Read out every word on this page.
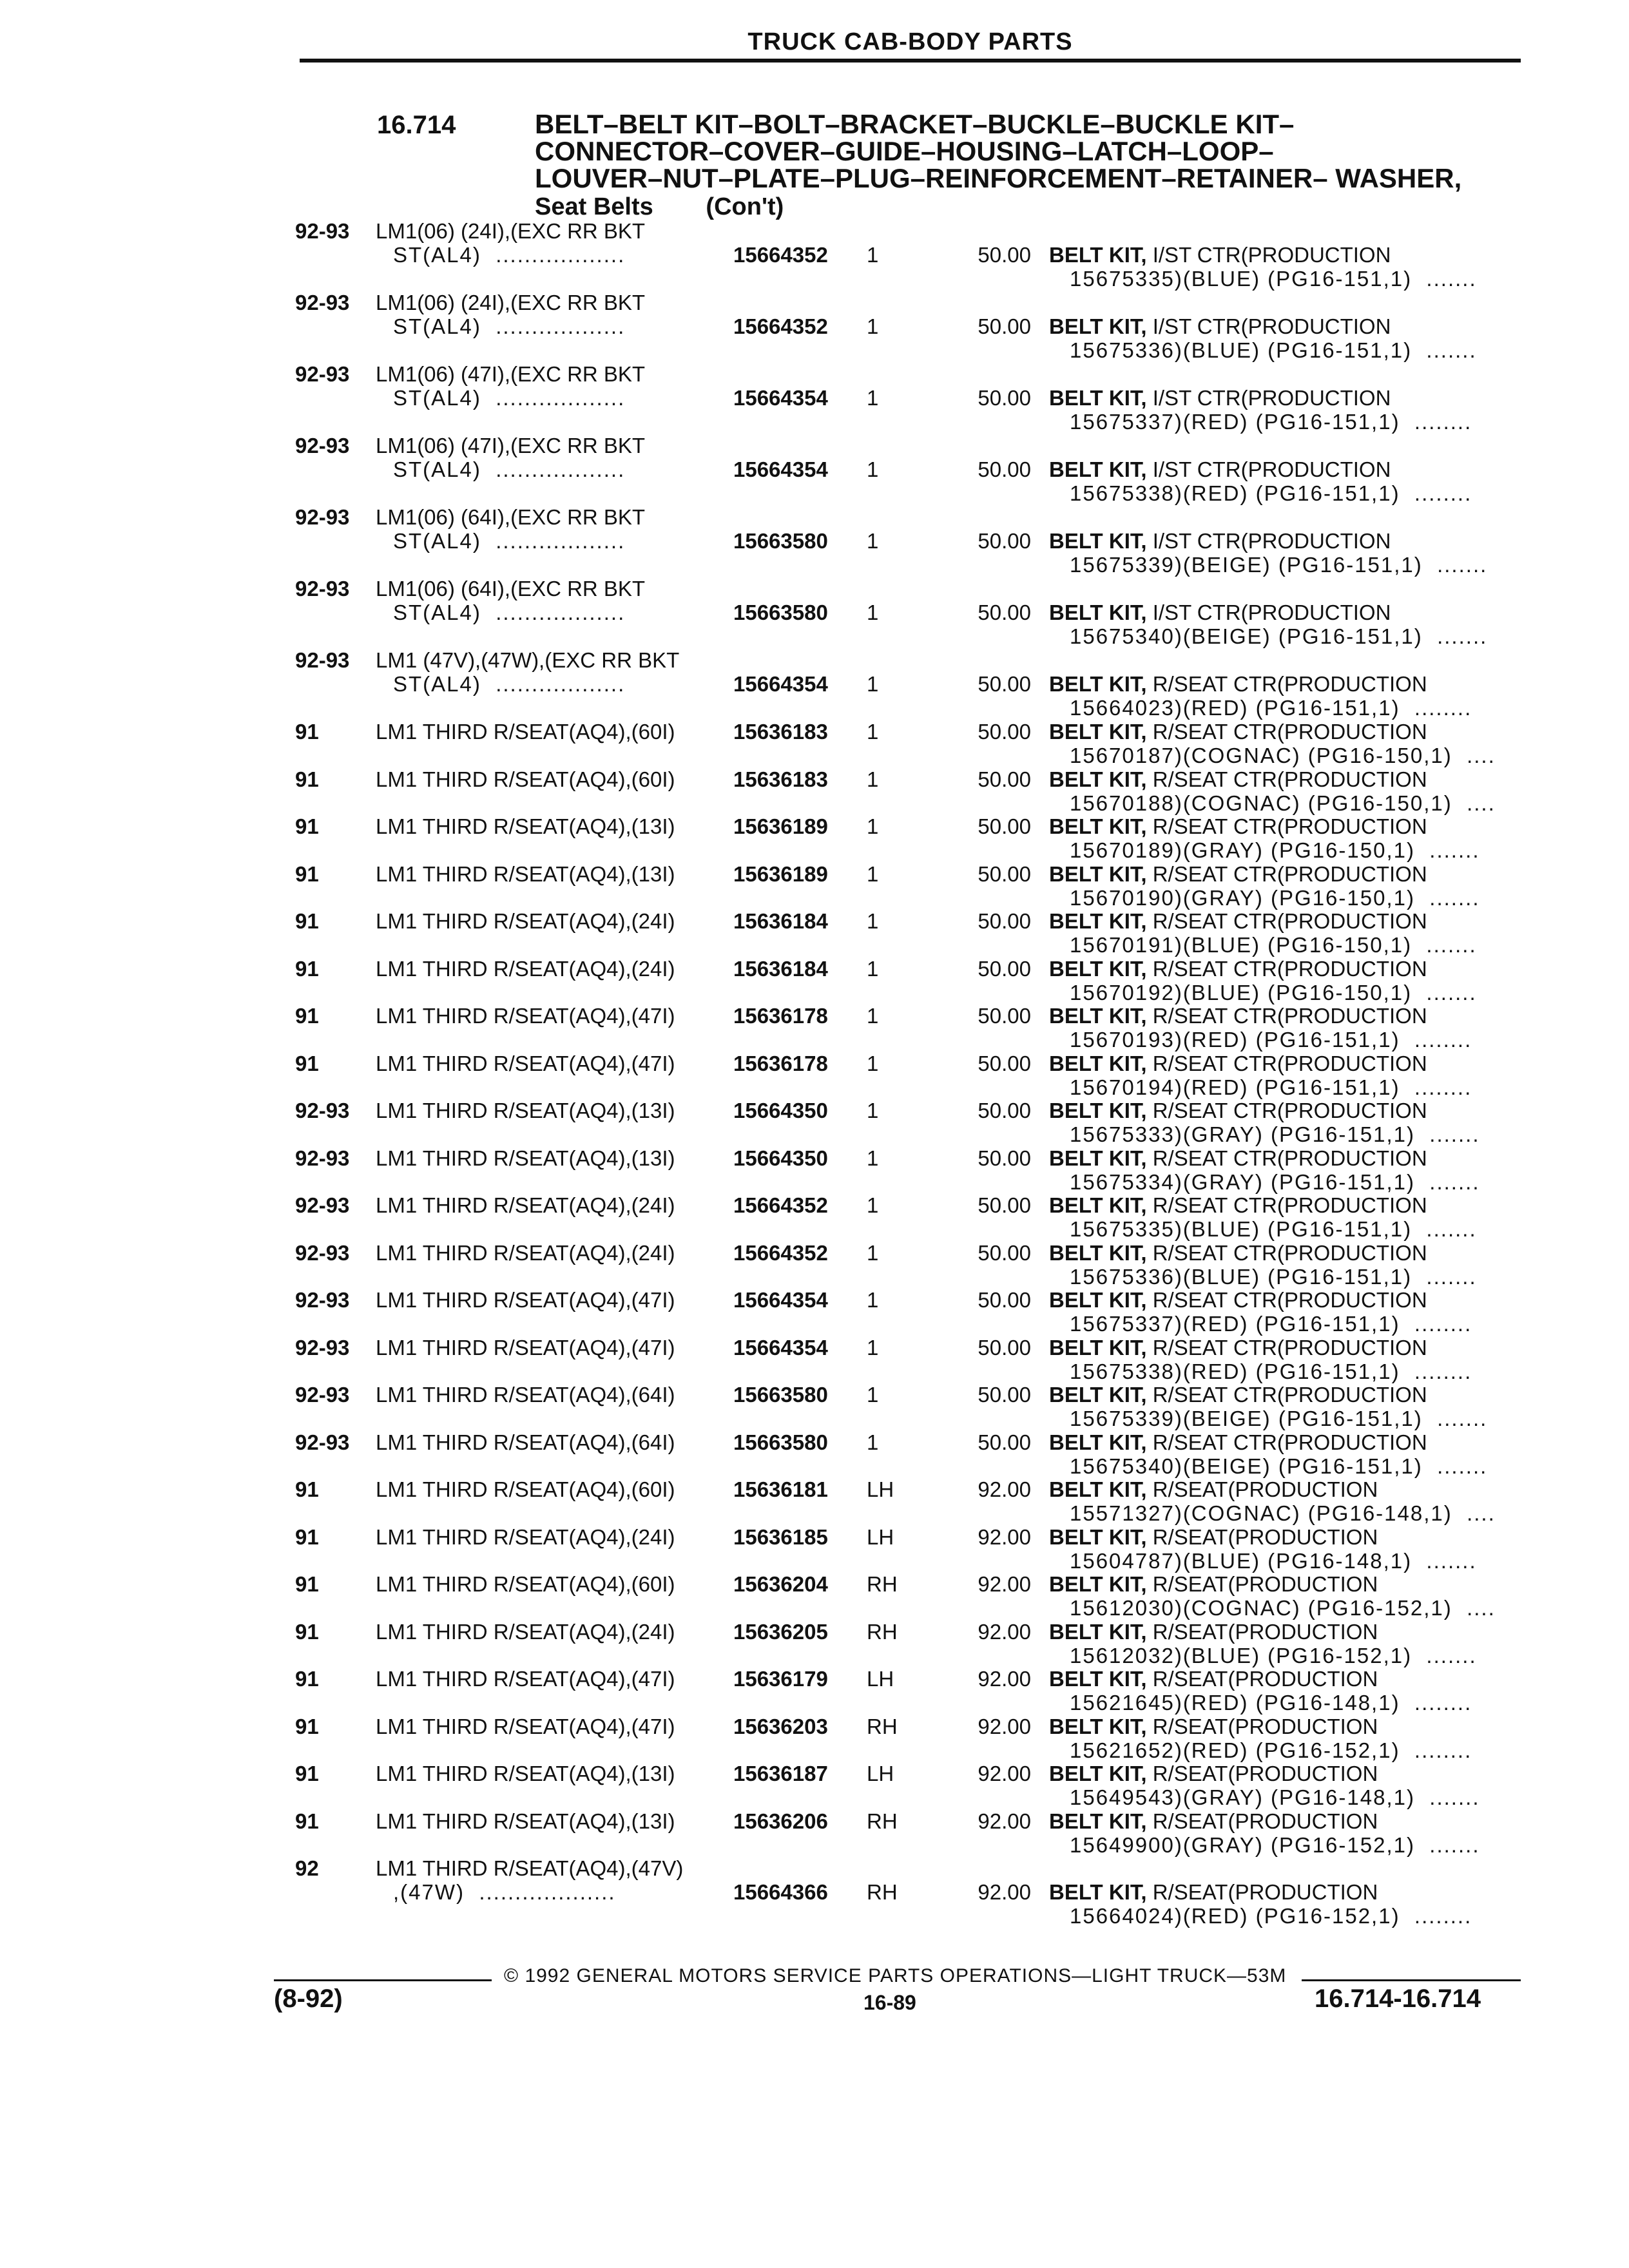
TRUCK CAB-BODY PARTS
16.714	BELT–BELT KIT–BOLT–BRACKET–BUCKLE–BUCKLE KIT–
CONNECTOR–COVER–GUIDE–HOUSING–LATCH–LOOP–
LOUVER–NUT–PLATE–PLUG–REINFORCEMENT–RETAINER– WASHER,
Seat Belts (Con't)
92-93 LM1(06) (24I),(EXC RR BKT
ST(AL4)  ..................	15664352 1	50.00 BELT KIT, I/ST CTR(PRODUCTION
15675335)(BLUE) (PG16-151,1)  .......
92-93 LM1(06) (24I),(EXC RR BKT
ST(AL4)  ..................	15664352 1	50.00 BELT KIT, I/ST CTR(PRODUCTION
15675336)(BLUE) (PG16-151,1)  .......
92-93 LM1(06) (47I),(EXC RR BKT
ST(AL4)  ..................	15664354 1	50.00 BELT KIT, I/ST CTR(PRODUCTION
15675337)(RED) (PG16-151,1)  ........
92-93 LM1(06) (47I),(EXC RR BKT
ST(AL4)  ..................	15664354 1	50.00 BELT KIT, I/ST CTR(PRODUCTION
15675338)(RED) (PG16-151,1)  ........
92-93 LM1(06) (64I),(EXC RR BKT
ST(AL4)  ..................	15663580 1	50.00 BELT KIT, I/ST CTR(PRODUCTION
15675339)(BEIGE) (PG16-151,1)  .......
92-93 LM1(06) (64I),(EXC RR BKT
ST(AL4)  ..................	15663580 1	50.00 BELT KIT, I/ST CTR(PRODUCTION
15675340)(BEIGE) (PG16-151,1)  .......
92-93 LM1 (47V),(47W),(EXC RR BKT
ST(AL4)  ..................	15664354 1	50.00 BELT KIT, R/SEAT CTR(PRODUCTION
15664023)(RED) (PG16-151,1)  ........
91	LM1 THIRD R/SEAT(AQ4),(60I)	15636183 1	50.00 BELT KIT, R/SEAT CTR(PRODUCTION
15670187)(COGNAC) (PG16-150,1)  ....
91	LM1 THIRD R/SEAT(AQ4),(60I)	15636183 1	50.00 BELT KIT, R/SEAT CTR(PRODUCTION
15670188)(COGNAC) (PG16-150,1)  ....
91	LM1 THIRD R/SEAT(AQ4),(13I)	15636189 1	50.00 BELT KIT, R/SEAT CTR(PRODUCTION
15670189)(GRAY) (PG16-150,1)  .......
91	LM1 THIRD R/SEAT(AQ4),(13I)	15636189 1	50.00 BELT KIT, R/SEAT CTR(PRODUCTION
15670190)(GRAY) (PG16-150,1)  .......
91	LM1 THIRD R/SEAT(AQ4),(24I)	15636184 1	50.00 BELT KIT, R/SEAT CTR(PRODUCTION
15670191)(BLUE) (PG16-150,1)  .......
91	LM1 THIRD R/SEAT(AQ4),(24I)	15636184 1	50.00 BELT KIT, R/SEAT CTR(PRODUCTION
15670192)(BLUE) (PG16-150,1)  .......
91	LM1 THIRD R/SEAT(AQ4),(47I)	15636178 1	50.00 BELT KIT, R/SEAT CTR(PRODUCTION
15670193)(RED) (PG16-151,1)  ........
91	LM1 THIRD R/SEAT(AQ4),(47I)	15636178 1	50.00 BELT KIT, R/SEAT CTR(PRODUCTION
15670194)(RED) (PG16-151,1)  ........
92-93 LM1 THIRD R/SEAT(AQ4),(13I)	15664350 1	50.00 BELT KIT, R/SEAT CTR(PRODUCTION
15675333)(GRAY) (PG16-151,1)  .......
92-93 LM1 THIRD R/SEAT(AQ4),(13I)	15664350 1	50.00 BELT KIT, R/SEAT CTR(PRODUCTION
15675334)(GRAY) (PG16-151,1)  .......
92-93 LM1 THIRD R/SEAT(AQ4),(24I)	15664352 1	50.00 BELT KIT, R/SEAT CTR(PRODUCTION
15675335)(BLUE) (PG16-151,1)  .......
92-93 LM1 THIRD R/SEAT(AQ4),(24I)	15664352 1	50.00 BELT KIT, R/SEAT CTR(PRODUCTION
15675336)(BLUE) (PG16-151,1)  .......
92-93 LM1 THIRD R/SEAT(AQ4),(47I)	15664354 1	50.00 BELT KIT, R/SEAT CTR(PRODUCTION
15675337)(RED) (PG16-151,1)  ........
92-93 LM1 THIRD R/SEAT(AQ4),(47I)	15664354 1	50.00 BELT KIT, R/SEAT CTR(PRODUCTION
15675338)(RED) (PG16-151,1)  ........
92-93 LM1 THIRD R/SEAT(AQ4),(64I)	15663580 1	50.00 BELT KIT, R/SEAT CTR(PRODUCTION
15675339)(BEIGE) (PG16-151,1)  .......
92-93 LM1 THIRD R/SEAT(AQ4),(64I)	15663580 1	50.00 BELT KIT, R/SEAT CTR(PRODUCTION
15675340)(BEIGE) (PG16-151,1)  .......
91	LM1 THIRD R/SEAT(AQ4),(60I)	15636181 LH	92.00 BELT KIT, R/SEAT(PRODUCTION
15571327)(COGNAC) (PG16-148,1)  ....
91	LM1 THIRD R/SEAT(AQ4),(24I)	15636185 LH	92.00 BELT KIT, R/SEAT(PRODUCTION
15604787)(BLUE) (PG16-148,1)  .......
91	LM1 THIRD R/SEAT(AQ4),(60I)	15636204 RH	92.00 BELT KIT, R/SEAT(PRODUCTION
15612030)(COGNAC) (PG16-152,1)  ....
91	LM1 THIRD R/SEAT(AQ4),(24I)	15636205 RH	92.00 BELT KIT, R/SEAT(PRODUCTION
15612032)(BLUE) (PG16-152,1)  .......
91	LM1 THIRD R/SEAT(AQ4),(47I)	15636179 LH	92.00 BELT KIT, R/SEAT(PRODUCTION
15621645)(RED) (PG16-148,1)  ........
91	LM1 THIRD R/SEAT(AQ4),(47I)	15636203 RH	92.00 BELT KIT, R/SEAT(PRODUCTION
15621652)(RED) (PG16-152,1)  ........
91	LM1 THIRD R/SEAT(AQ4),(13I)	15636187 LH	92.00 BELT KIT, R/SEAT(PRODUCTION
15649543)(GRAY) (PG16-148,1)  .......
91	LM1 THIRD R/SEAT(AQ4),(13I)	15636206 RH	92.00 BELT KIT, R/SEAT(PRODUCTION
15649900)(GRAY) (PG16-152,1)  .......
92	LM1 THIRD R/SEAT(AQ4),(47V)
,(47W)  ...................	15664366 RH	92.00 BELT KIT, R/SEAT(PRODUCTION
15664024)(RED) (PG16-152,1)  ........
© 1992 GENERAL MOTORS SERVICE PARTS OPERATIONS—LIGHT TRUCK—53M
(8-92)	16-89	16.714-16.714
